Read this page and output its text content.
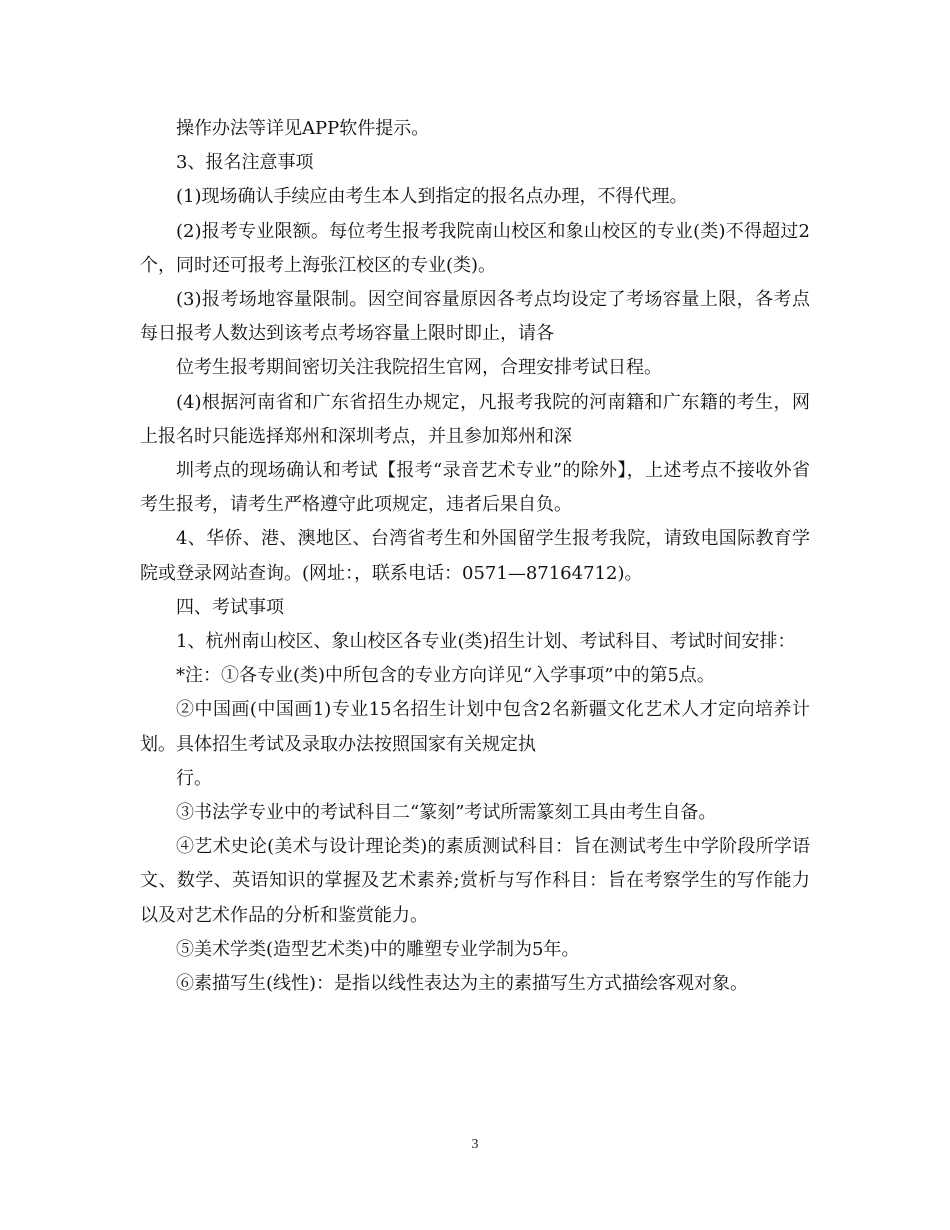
操作办法等详见APP软件提示。

3、报名注意事项

(1)现场确认手续应由考生本人到指定的报名点办理，不得代理。

(2)报考专业限额。每位考生报考我院南山校区和象山校区的专业(类)不得超过2个，同时还可报考上海张江校区的专业(类)。

(3)报考场地容量限制。因空间容量原因各考点均设定了考场容量上限，各考点每日报考人数达到该考点考场容量上限时即止，请各

位考生报考期间密切关注我院招生官网，合理安排考试日程。

(4)根据河南省和广东省招生办规定，凡报考我院的河南籍和广东籍的考生，网上报名时只能选择郑州和深圳考点，并且参加郑州和深

圳考点的现场确认和考试【报考“录音艺术专业”的除外】，上述考点不接收外省考生报考，请考生严格遵守此项规定，违者后果自负。

4、华侨、港、澳地区、台湾省考生和外国留学生报考我院，请致电国际教育学院或登录网站查询。(网址：，联系电话：0571—87164712)。

四、考试事项

1、杭州南山校区、象山校区各专业(类)招生计划、考试科目、考试时间安排：

*注：①各专业(类)中所包含的专业方向详见“入学事项”中的第5点。

②中国画(中国画1)专业15名招生计划中包含2名新疆文化艺术人才定向培养计划。具体招生考试及录取办法按照国家有关规定执

行。

③书法学专业中的考试科目二“篆刻”考试所需篆刻工具由考生自备。

④艺术史论(美术与设计理论类)的素质测试科目：旨在测试考生中学阶段所学语文、数学、英语知识的掌握及艺术素养;赏析与写作科目：旨在考察学生的写作能力以及对艺术作品的分析和鉴赏能力。

⑤美术学类(造型艺术类)中的雕塑专业学制为5年。

⑥素描写生(线性)：是指以线性表达为主的素描写生方式描绘客观对象。

3
